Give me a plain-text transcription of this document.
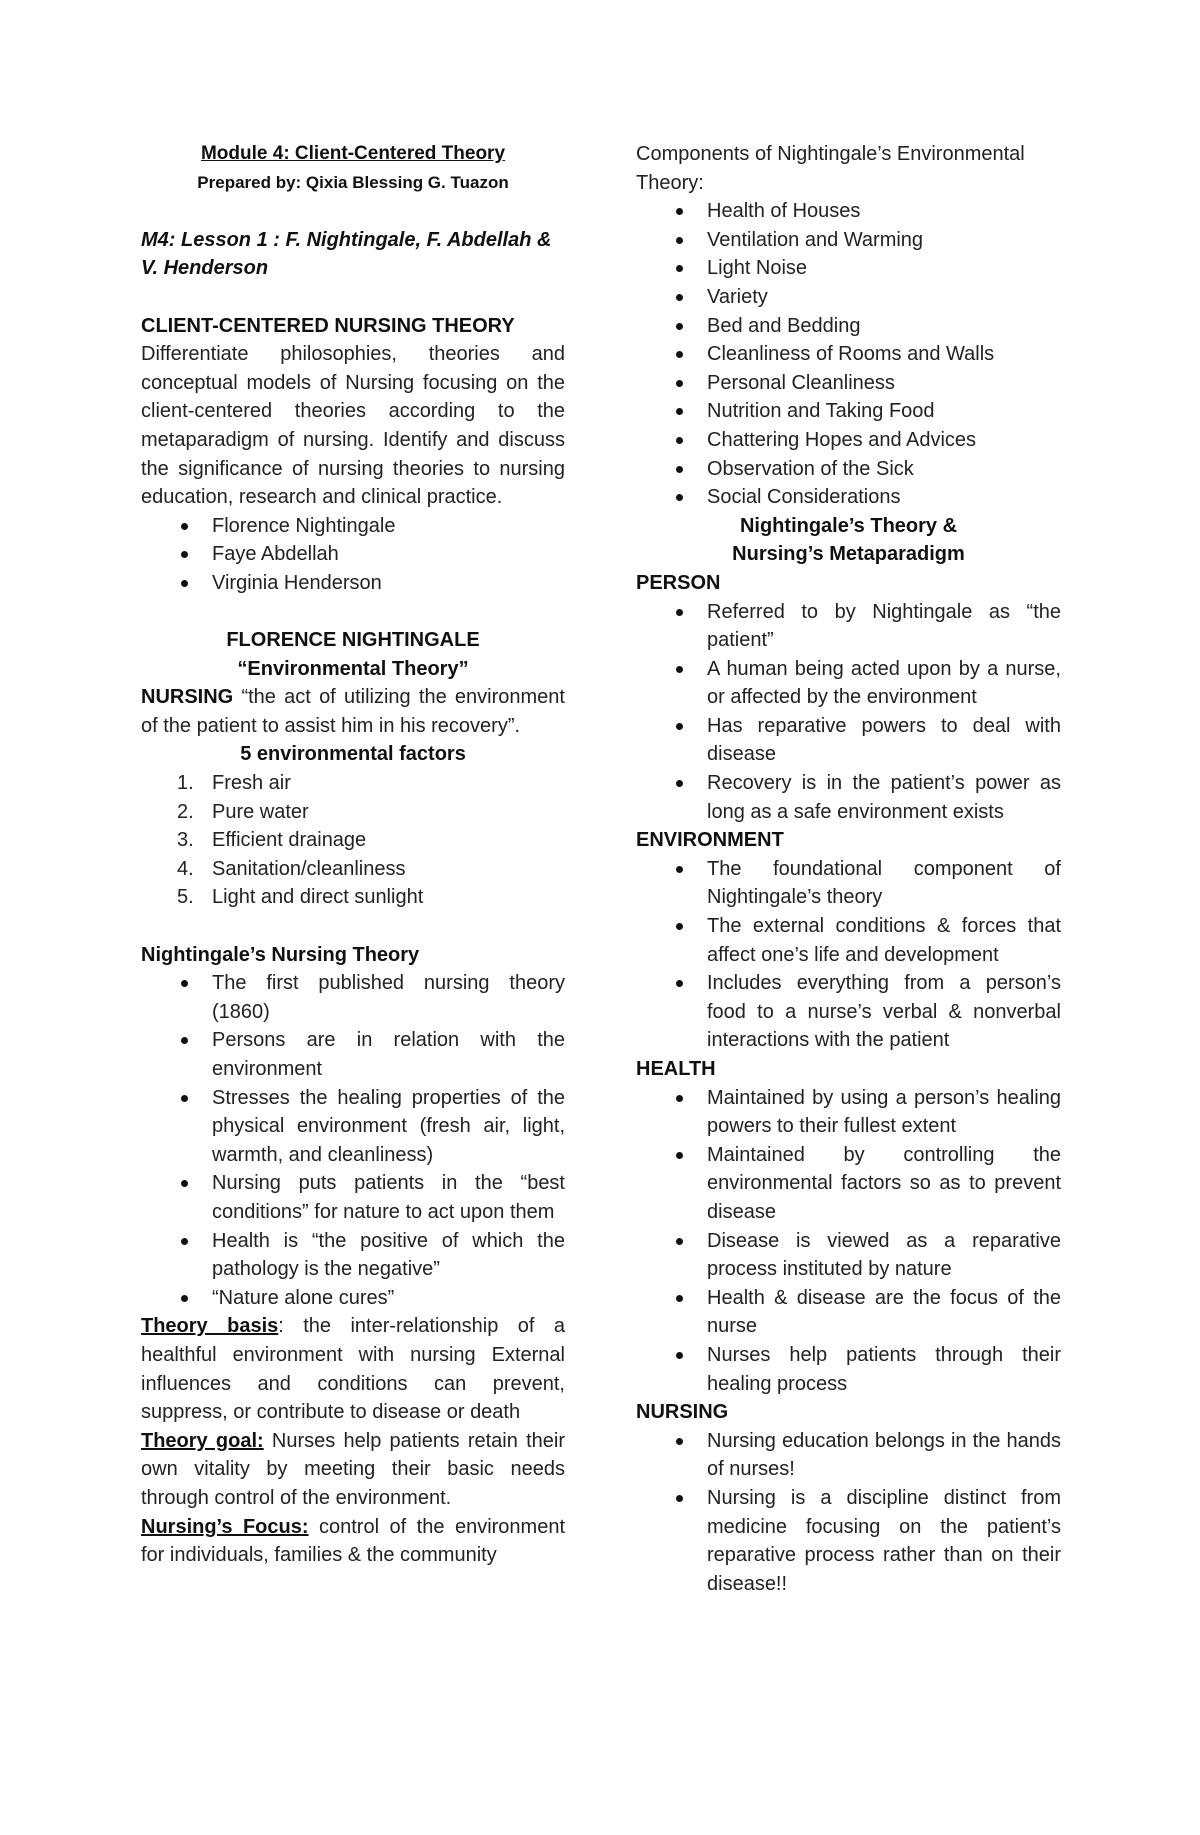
Module 4: Client-Centered Theory
Prepared by: Qixia Blessing G. Tuazon
M4: Lesson 1 : F. Nightingale, F. Abdellah & V. Henderson
CLIENT-CENTERED NURSING THEORY
Differentiate philosophies, theories and conceptual models of Nursing focusing on the client-centered theories according to the metaparadigm of nursing. Identify and discuss the significance of nursing theories to nursing education, research and clinical practice.
Florence Nightingale
Faye Abdellah
Virginia Henderson
FLORENCE NIGHTINGALE
“Environmental Theory”
NURSING “the act of utilizing the environment of the patient to assist him in his recovery”.
5 environmental factors
1. Fresh air
2. Pure water
3. Efficient drainage
4. Sanitation/cleanliness
5. Light and direct sunlight
Nightingale’s Nursing Theory
The first published nursing theory (1860)
Persons are in relation with the environment
Stresses the healing properties of the physical environment (fresh air, light, warmth, and cleanliness)
Nursing puts patients in the “best conditions” for nature to act upon them
Health is “the positive of which the pathology is the negative”
“Nature alone cures”
Theory basis: the inter-relationship of a healthful environment with nursing External influences and conditions can prevent, suppress, or contribute to disease or death
Theory goal: Nurses help patients retain their own vitality by meeting their basic needs through control of the environment.
Nursing’s Focus: control of the environment for individuals, families & the community
Components of Nightingale’s Environmental Theory:
Health of Houses
Ventilation and Warming
Light Noise
Variety
Bed and Bedding
Cleanliness of Rooms and Walls
Personal Cleanliness
Nutrition and Taking Food
Chattering Hopes and Advices
Observation of the Sick
Social Considerations
Nightingale’s Theory &
Nursing’s Metaparadigm
PERSON
Referred to by Nightingale as “the patient”
A human being acted upon by a nurse, or affected by the environment
Has reparative powers to deal with disease
Recovery is in the patient’s power as long as a safe environment exists
ENVIRONMENT
The foundational component of Nightingale’s theory
The external conditions & forces that affect one’s life and development
Includes everything from a person’s food to a nurse’s verbal & nonverbal interactions with the patient
HEALTH
Maintained by using a person’s healing powers to their fullest extent
Maintained by controlling the environmental factors so as to prevent disease
Disease is viewed as a reparative process instituted by nature
Health & disease are the focus of the nurse
Nurses help patients through their healing process
NURSING
Nursing education belongs in the hands of nurses!
Nursing is a discipline distinct from medicine focusing on the patient’s reparative process rather than on their disease!!
